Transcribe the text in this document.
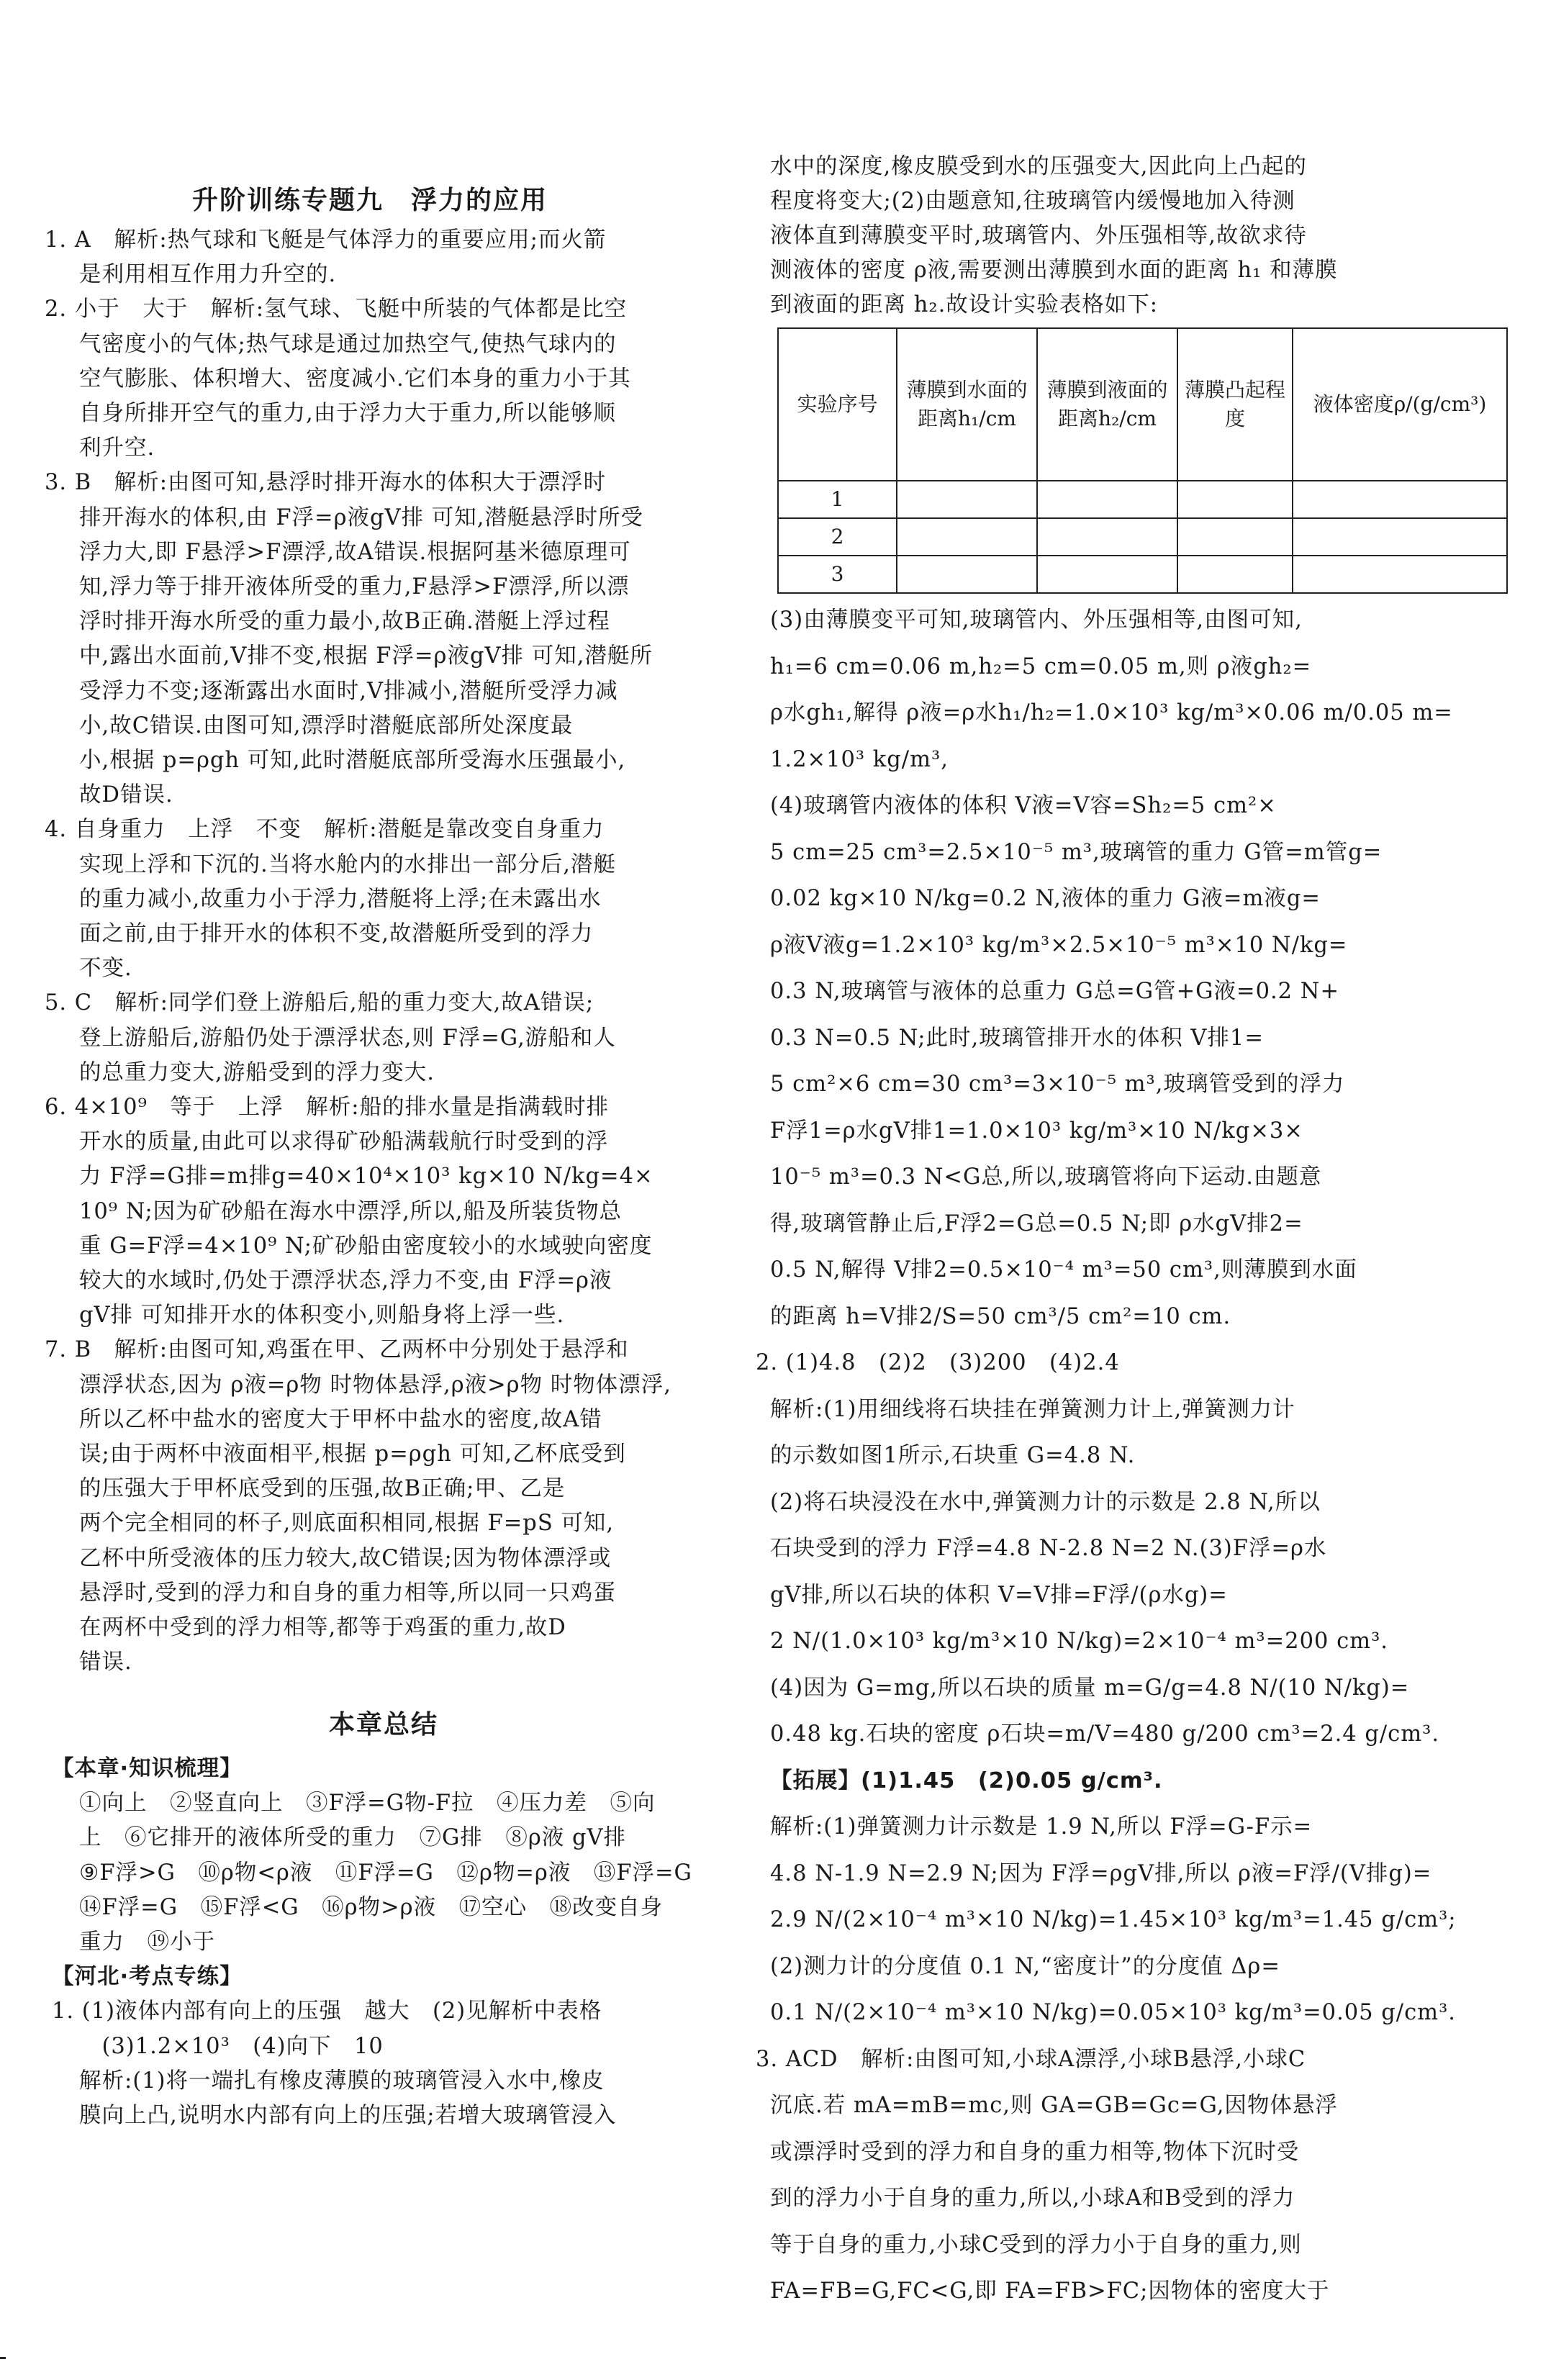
升阶训练专题九　浮力的应用
1. A　解析:热气球和飞艇是气体浮力的重要应用;而火箭
是利用相互作用力升空的.
2. 小于　大于　解析:氢气球、飞艇中所装的气体都是比空
气密度小的气体;热气球是通过加热空气,使热气球内的
空气膨胀、体积增大、密度减小.它们本身的重力小于其
自身所排开空气的重力,由于浮力大于重力,所以能够顺
利升空.
3. B　解析:由图可知,悬浮时排开海水的体积大于漂浮时
排开海水的体积,由 F浮=ρ液gV排 可知,潜艇悬浮时所受
浮力大,即 F悬浮>F漂浮,故A错误.根据阿基米德原理可
知,浮力等于排开液体所受的重力,F悬浮>F漂浮,所以漂
浮时排开海水所受的重力最小,故B正确.潜艇上浮过程
中,露出水面前,V排不变,根据 F浮=ρ液gV排 可知,潜艇所
受浮力不变;逐渐露出水面时,V排减小,潜艇所受浮力减
小,故C错误.由图可知,漂浮时潜艇底部所处深度最
小,根据 p=ρgh 可知,此时潜艇底部所受海水压强最小,
故D错误.
4. 自身重力　上浮　不变　解析:潜艇是靠改变自身重力
实现上浮和下沉的.当将水舱内的水排出一部分后,潜艇
的重力减小,故重力小于浮力,潜艇将上浮;在未露出水
面之前,由于排开水的体积不变,故潜艇所受到的浮力
不变.
5. C　解析:同学们登上游船后,船的重力变大,故A错误;
登上游船后,游船仍处于漂浮状态,则 F浮=G,游船和人
的总重力变大,游船受到的浮力变大.
6. 4×10⁹　等于　上浮　解析:船的排水量是指满载时排
开水的质量,由此可以求得矿砂船满载航行时受到的浮
力 F浮=G排=m排g=40×10⁴×10³ kg×10 N/kg=4×
10⁹ N;因为矿砂船在海水中漂浮,所以,船及所装货物总
重 G=F浮=4×10⁹ N;矿砂船由密度较小的水域驶向密度
较大的水域时,仍处于漂浮状态,浮力不变,由 F浮=ρ液
gV排 可知排开水的体积变小,则船身将上浮一些.
7. B　解析:由图可知,鸡蛋在甲、乙两杯中分别处于悬浮和
漂浮状态,因为 ρ液=ρ物 时物体悬浮,ρ液>ρ物 时物体漂浮,
所以乙杯中盐水的密度大于甲杯中盐水的密度,故A错
误;由于两杯中液面相平,根据 p=ρgh 可知,乙杯底受到
的压强大于甲杯底受到的压强,故B正确;甲、乙是
两个完全相同的杯子,则底面积相同,根据 F=pS 可知,
乙杯中所受液体的压力较大,故C错误;因为物体漂浮或
悬浮时,受到的浮力和自身的重力相等,所以同一只鸡蛋
在两杯中受到的浮力相等,都等于鸡蛋的重力,故D
错误.
本章总结
【本章·知识梳理】
①向上　②竖直向上　③F浮=G物-F拉　④压力差　⑤向
上　⑥它排开的液体所受的重力　⑦G排　⑧ρ液 gV排
⑨F浮>G　⑩ρ物<ρ液　⑪F浮=G　⑫ρ物=ρ液　⑬F浮=G
⑭F浮=G　⑮F浮<G　⑯ρ物>ρ液　⑰空心　⑱改变自身
重力　⑲小于
【河北·考点专练】
1. (1)液体内部有向上的压强　越大　(2)见解析中表格
　(3)1.2×10³　(4)向下　10
解析:(1)将一端扎有橡皮薄膜的玻璃管浸入水中,橡皮
膜向上凸,说明水内部有向上的压强;若增大玻璃管浸入
水中的深度,橡皮膜受到水的压强变大,因此向上凸起的
程度将变大;(2)由题意知,往玻璃管内缓慢地加入待测
液体直到薄膜变平时,玻璃管内、外压强相等,故欲求待
测液体的密度 ρ液,需要测出薄膜到水面的距离 h₁ 和薄膜
到液面的距离 h₂.故设计实验表格如下:
实验序号	薄膜到水面的距离h₁/cm	薄膜到液面的距离h₂/cm	薄膜凸起程度	液体密度ρ/(g/cm³)
1				
2				
3				
(3)由薄膜变平可知,玻璃管内、外压强相等,由图可知,
h₁=6 cm=0.06 m,h₂=5 cm=0.05 m,则 ρ液gh₂=
ρ水gh₁,解得 ρ液=ρ水h₁/h₂=1.0×10³ kg/m³×0.06 m/0.05 m=
1.2×10³ kg/m³,
(4)玻璃管内液体的体积 V液=V容=Sh₂=5 cm²×
5 cm=25 cm³=2.5×10⁻⁵ m³,玻璃管的重力 G管=m管g=
0.02 kg×10 N/kg=0.2 N,液体的重力 G液=m液g=
ρ液V液g=1.2×10³ kg/m³×2.5×10⁻⁵ m³×10 N/kg=
0.3 N,玻璃管与液体的总重力 G总=G管+G液=0.2 N+
0.3 N=0.5 N;此时,玻璃管排开水的体积 V排1=
5 cm²×6 cm=30 cm³=3×10⁻⁵ m³,玻璃管受到的浮力
F浮1=ρ水gV排1=1.0×10³ kg/m³×10 N/kg×3×
10⁻⁵ m³=0.3 N<G总,所以,玻璃管将向下运动.由题意
得,玻璃管静止后,F浮2=G总=0.5 N;即 ρ水gV排2=
0.5 N,解得 V排2=0.5×10⁻⁴ m³=50 cm³,则薄膜到水面
的距离 h=V排2/S=50 cm³/5 cm²=10 cm.
2. (1)4.8　(2)2　(3)200　(4)2.4
解析:(1)用细线将石块挂在弹簧测力计上,弹簧测力计
的示数如图1所示,石块重 G=4.8 N.
(2)将石块浸没在水中,弹簧测力计的示数是 2.8 N,所以
石块受到的浮力 F浮=4.8 N-2.8 N=2 N.(3)F浮=ρ水
gV排,所以石块的体积 V=V排=F浮/(ρ水g)=
2 N/(1.0×10³ kg/m³×10 N/kg)=2×10⁻⁴ m³=200 cm³.
(4)因为 G=mg,所以石块的质量 m=G/g=4.8 N/(10 N/kg)=
0.48 kg.石块的密度 ρ石块=m/V=480 g/200 cm³=2.4 g/cm³.
【拓展】(1)1.45　(2)0.05 g/cm³.
解析:(1)弹簧测力计示数是 1.9 N,所以 F浮=G-F示=
4.8 N-1.9 N=2.9 N;因为 F浮=ρgV排,所以 ρ液=F浮/(V排g)=
2.9 N/(2×10⁻⁴ m³×10 N/kg)=1.45×10³ kg/m³=1.45 g/cm³;
(2)测力计的分度值 0.1 N,“密度计”的分度值 Δρ=
0.1 N/(2×10⁻⁴ m³×10 N/kg)=0.05×10³ kg/m³=0.05 g/cm³.
3. ACD　解析:由图可知,小球A漂浮,小球B悬浮,小球C
沉底.若 mA=mB=mc,则 GA=GB=Gc=G,因物体悬浮
或漂浮时受到的浮力和自身的重力相等,物体下沉时受
到的浮力小于自身的重力,所以,小球A和B受到的浮力
等于自身的重力,小球C受到的浮力小于自身的重力,则
FA=FB=G,FC<G,即 FA=FB>FC;因物体的密度大于
